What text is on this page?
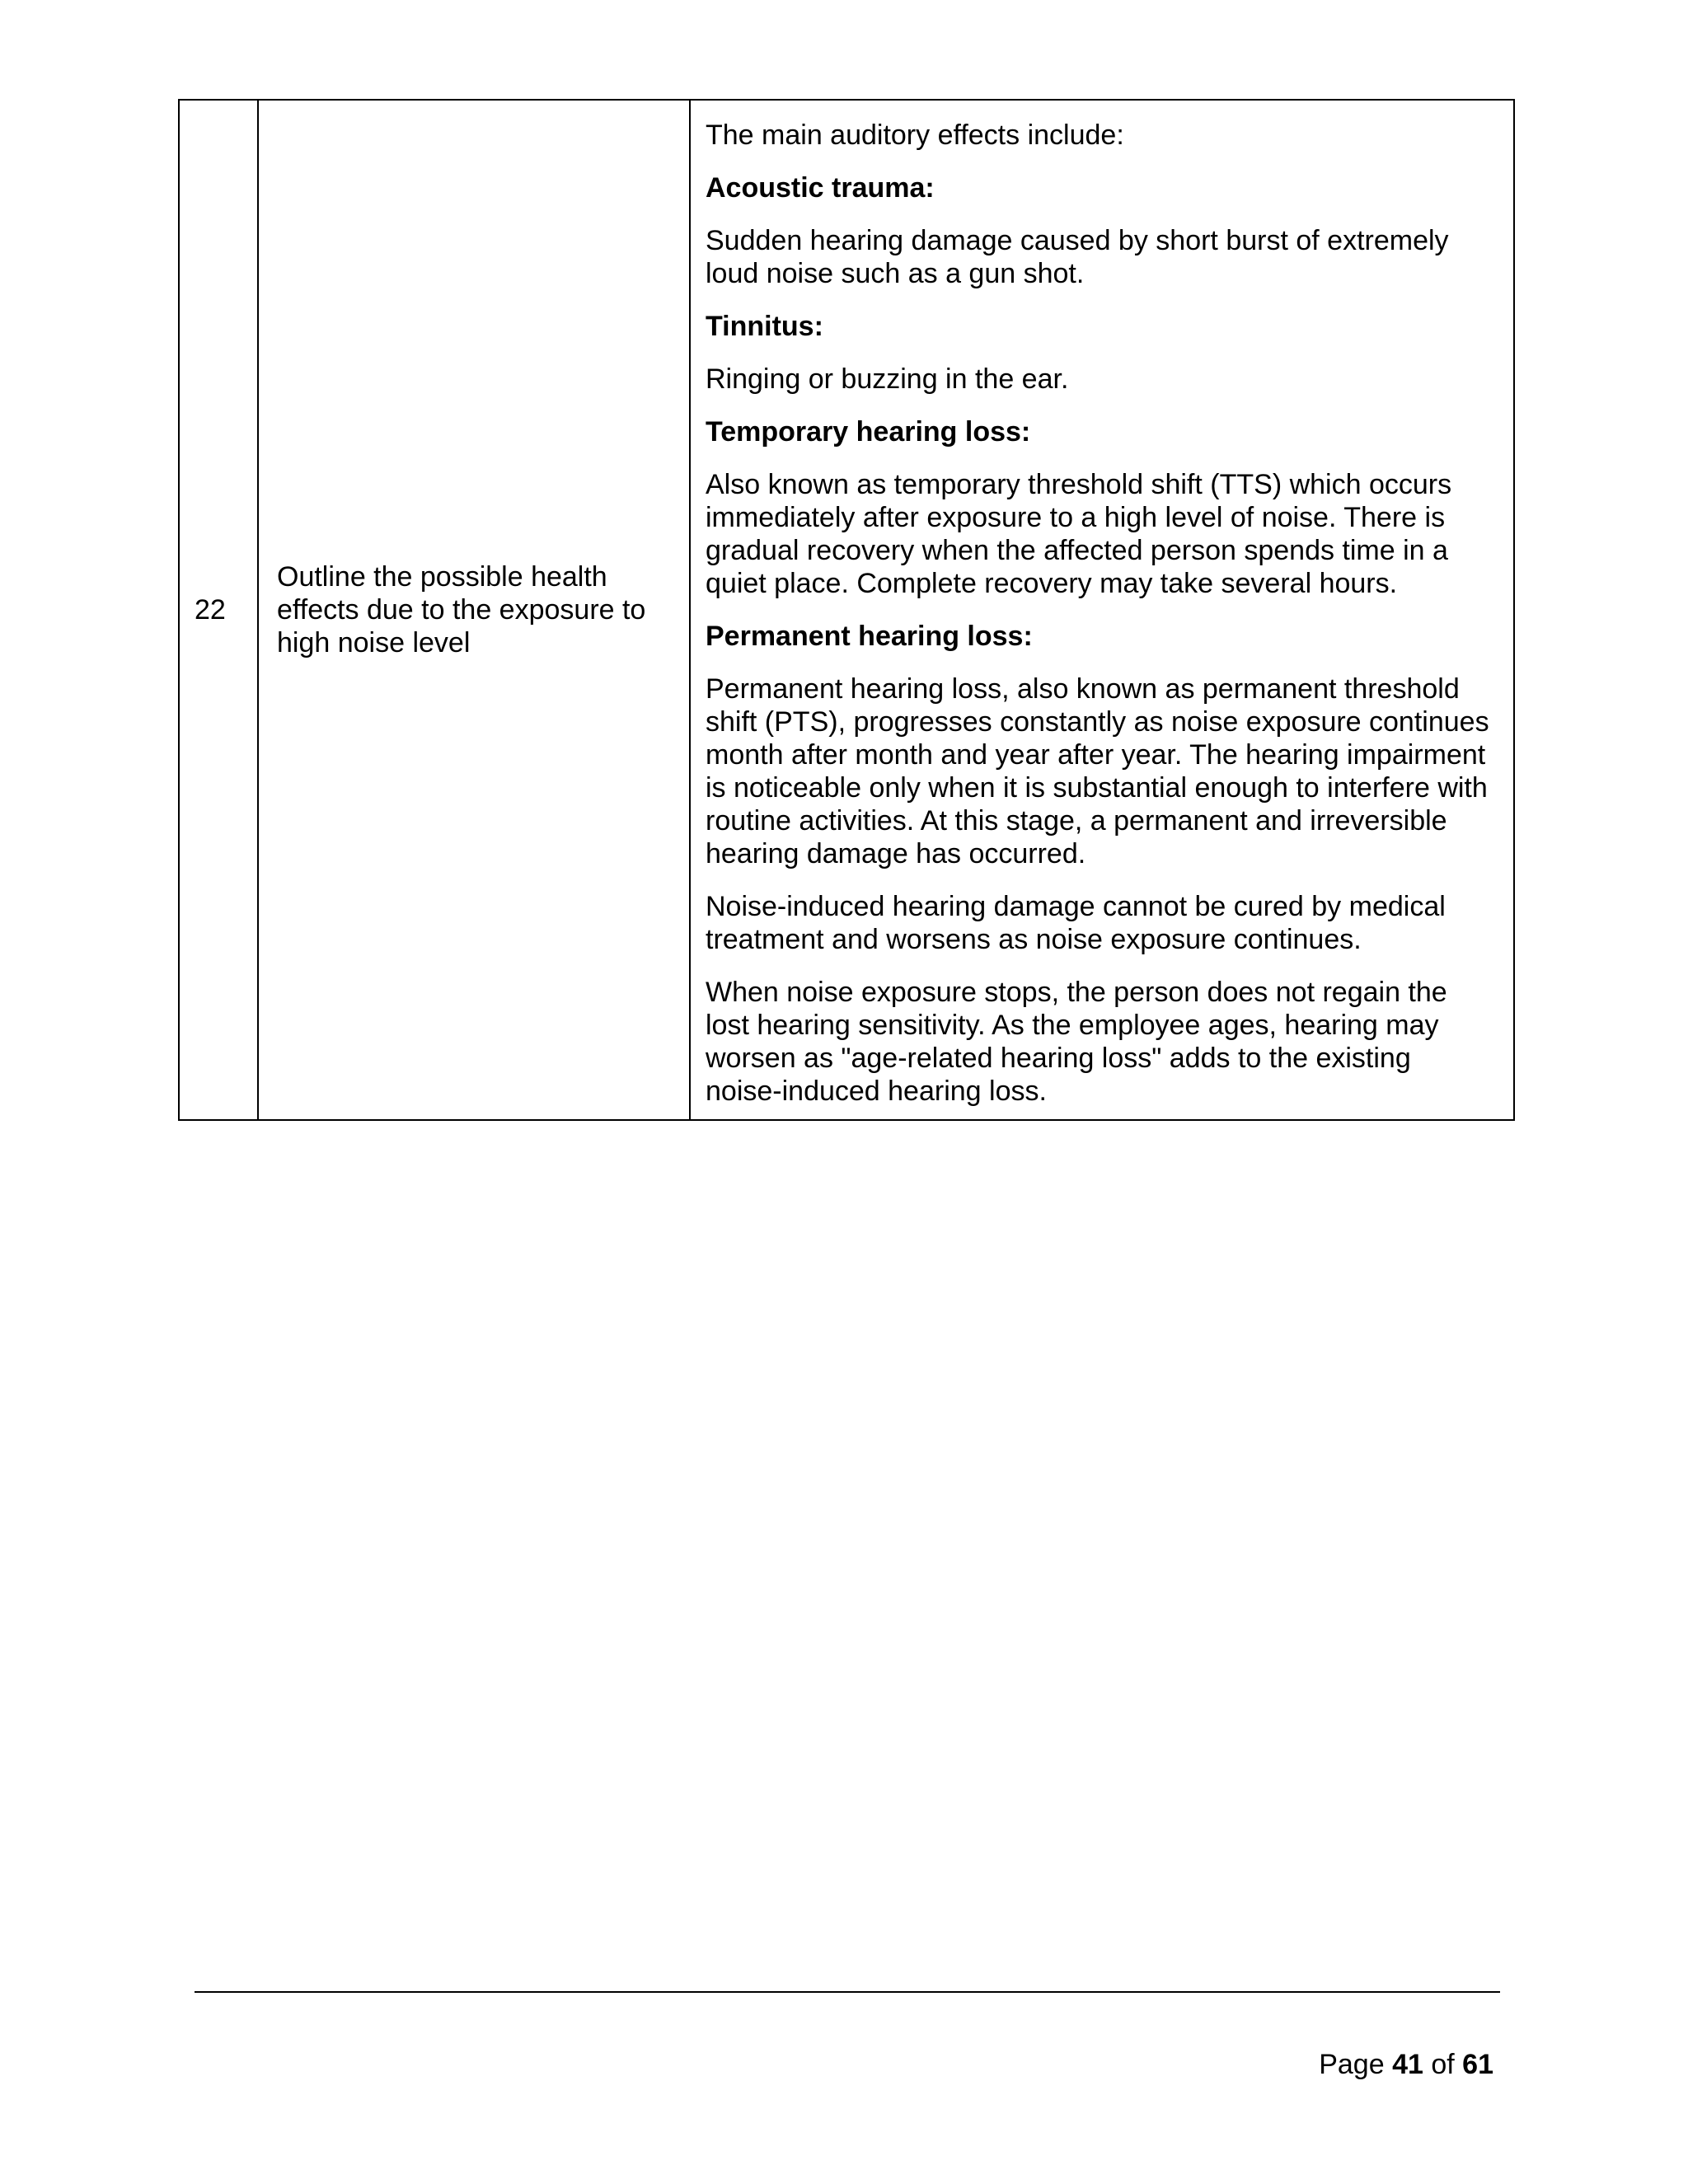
22	Outline the possible health effects due to the exposure to high noise level	

The main auditory effects include:

Acoustic trauma:

Sudden hearing damage caused by short burst of extremely loud noise such as a gun shot.

Tinnitus:

Ringing or buzzing in the ear.

Temporary hearing loss:

Also known as temporary threshold shift (TTS) which occurs immediately after exposure to a high level of noise. There is gradual recovery when the affected person spends time in a quiet place. Complete recovery may take several hours.

Permanent hearing loss:

Permanent hearing loss, also known as permanent threshold shift (PTS), progresses constantly as noise exposure continues month after month and year after year. The hearing impairment is noticeable only when it is substantial enough to interfere with routine activities. At this stage, a permanent and irreversible hearing damage has occurred.

Noise-induced hearing damage cannot be cured by medical treatment and worsens as noise exposure continues.

When noise exposure stops, the person does not regain the lost hearing sensitivity. As the employee ages, hearing may worsen as "age-related hearing loss" adds to the existing noise-induced hearing loss.

Page 41 of 61
